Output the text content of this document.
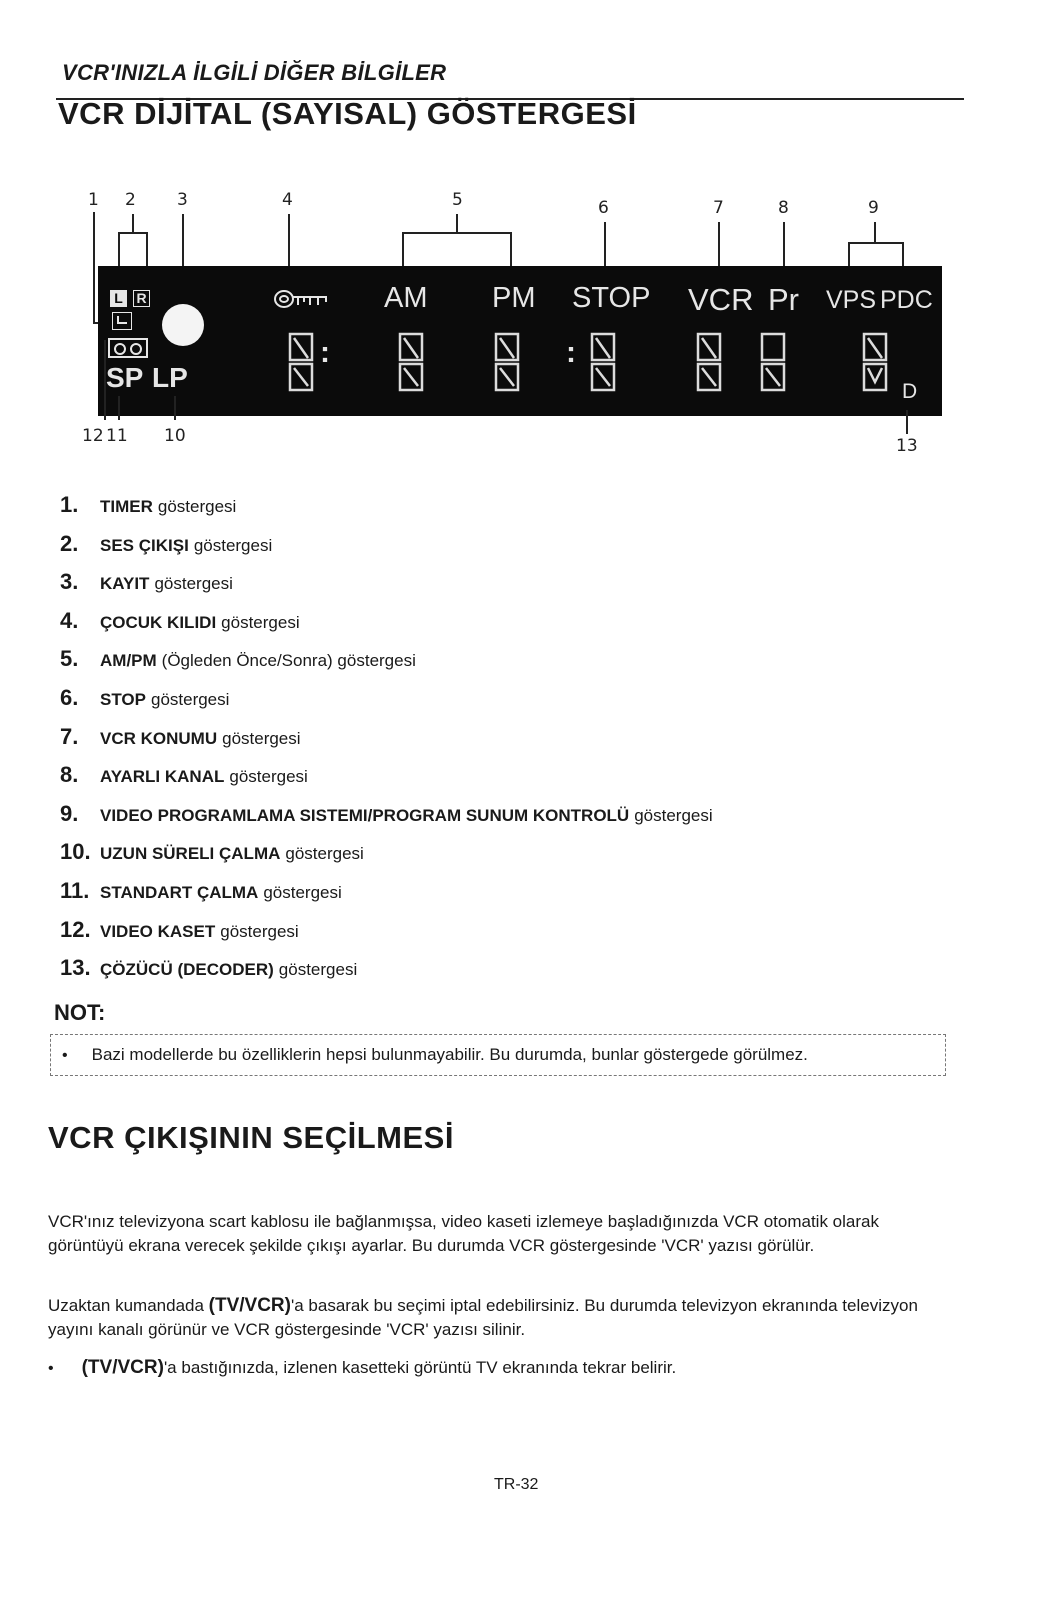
VCR'INIZLA İLGİLİ DİĞER BİLGİLER
VCR DİJİTAL (SAYISAL) GÖSTERGESİ
1 2 3	4	5	6	7	8	9
L R
SP LP
AM PM STOP VCR Pr VPS PDC
D
:	:
12 11 10	13
1.	TIMER göstergesi
2.	SES ÇIKIŞI göstergesi
3.	KAYIT göstergesi
4.	ÇOCUK KILIDI göstergesi
5.	AM/PM (Ögleden Önce/Sonra) göstergesi
6.	STOP göstergesi
7.	VCR KONUMU göstergesi
8.	AYARLI KANAL göstergesi
9.	VIDEO PROGRAMLAMA SISTEMI/PROGRAM SUNUM KONTROLÜ göstergesi
10. UZUN SÜRELI ÇALMA göstergesi
11. STANDART ÇALMA göstergesi
12. VIDEO KASET göstergesi
13. ÇÖZÜCÜ (DECODER) göstergesi
NOT:
• Bazi modellerde bu özelliklerin hepsi bulunmayabilir. Bu durumda, bunlar göstergede görülmez.
VCR ÇIKIŞININ SEÇİLMESİ
VCR'ınız televizyona scart kablosu ile bağlanmışsa, video kaseti izlemeye başladığınızda VCR otomatik olarak görüntüyü ekrana verecek şekilde çıkışı ayarlar. Bu durumda VCR göstergesinde 'VCR' yazısı görülür.
Uzaktan kumandada (TV/VCR)'a basarak bu seçimi iptal edebilirsiniz. Bu durumda televizyon ekranında televizyon yayını kanalı görünür ve VCR göstergesinde 'VCR' yazısı silinir.
• (TV/VCR)'a bastığınızda, izlenen kasetteki görüntü TV ekranında tekrar belirir.
TR-32
